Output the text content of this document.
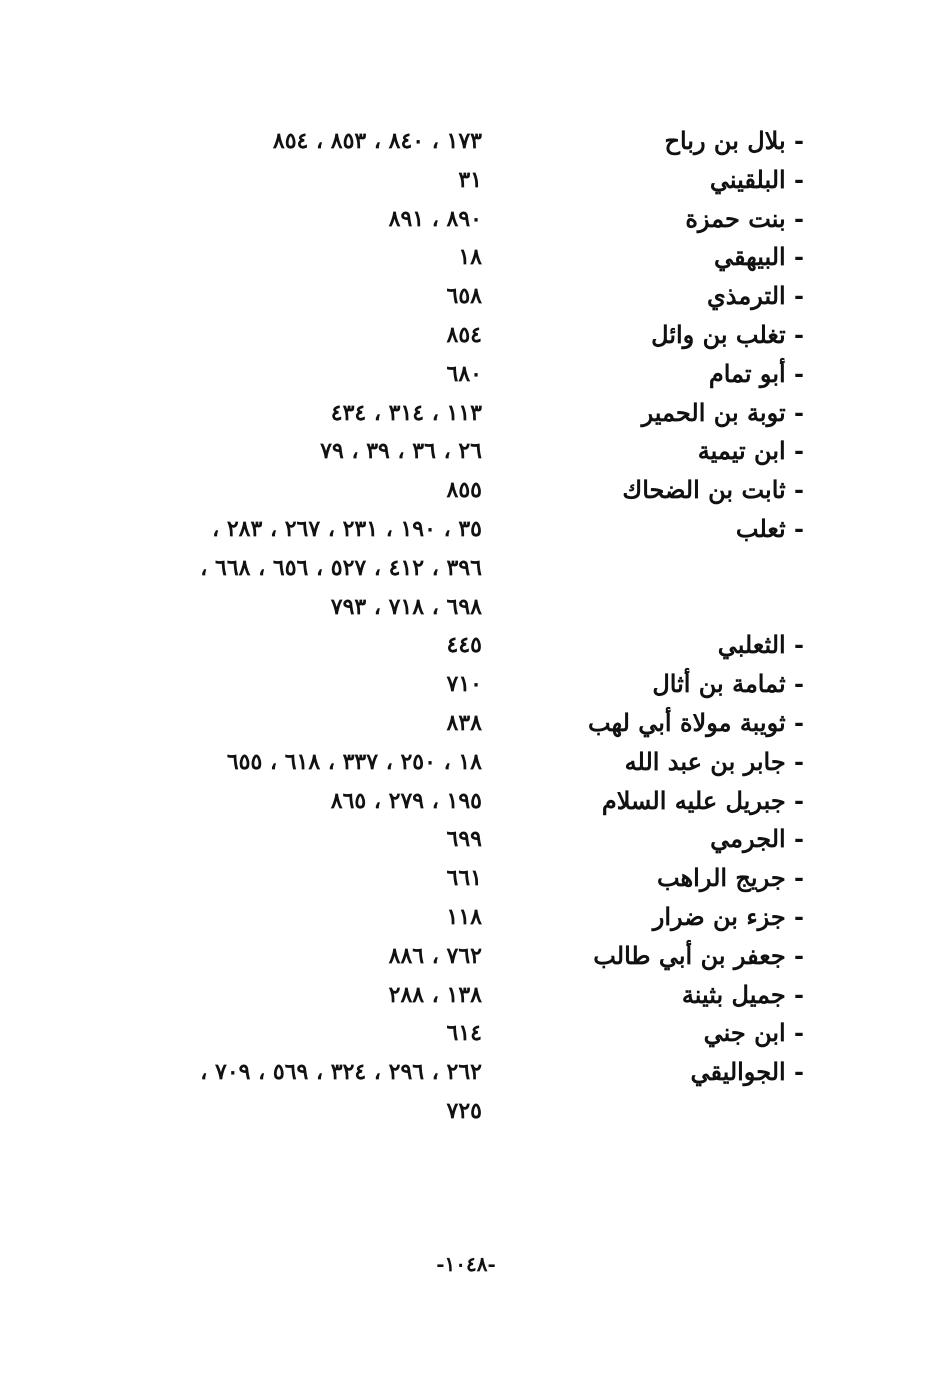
- بلال بن رباح
١٧٣ ، ٨٤٠ ، ٨٥٣ ، ٨٥٤
- البلقيني
٣١
- بنت حمزة
٨٩٠ ، ٨٩١
- البيهقي
١٨
- الترمذي
٦٥٨
- تغلب بن وائل
٨٥٤
- أبو تمام
٦٨٠
- توبة بن الحمير
١١٣ ، ٣١٤ ، ٤٣٤
- ابن تيمية
٢٦ ، ٣٦ ، ٣٩ ، ٧٩
- ثابت بن الضحاك
٨٥٥
- ثعلب
٣٥ ، ١٩٠ ، ٢٣١ ، ٢٦٧ ، ٢٨٣ ،
٣٩٦ ، ٤١٢ ، ٥٢٧ ، ٦٥٦ ، ٦٦٨ ،
٦٩٨ ، ٧١٨ ، ٧٩٣
- الثعلبي
٤٤٥
- ثمامة بن أثال
٧١٠
- ثويبة مولاة أبي لهب
٨٣٨
- جابر بن عبد الله
١٨ ، ٢٥٠ ، ٣٣٧ ، ٦١٨ ، ٦٥٥
- جبريل عليه السلام
١٩٥ ، ٢٧٩ ، ٨٦٥
- الجرمي
٦٩٩
- جريج الراهب
٦٦١
- جزء بن ضرار
١١٨
- جعفر بن أبي طالب
٧٦٢ ، ٨٨٦
- جميل بثينة
١٣٨ ، ٢٨٨
- ابن جني
٦١٤
- الجواليقي
٢٦٢ ، ٢٩٦ ، ٣٢٤ ، ٥٦٩ ، ٧٠٩ ،
٧٢٥
-١٠٤٨-
